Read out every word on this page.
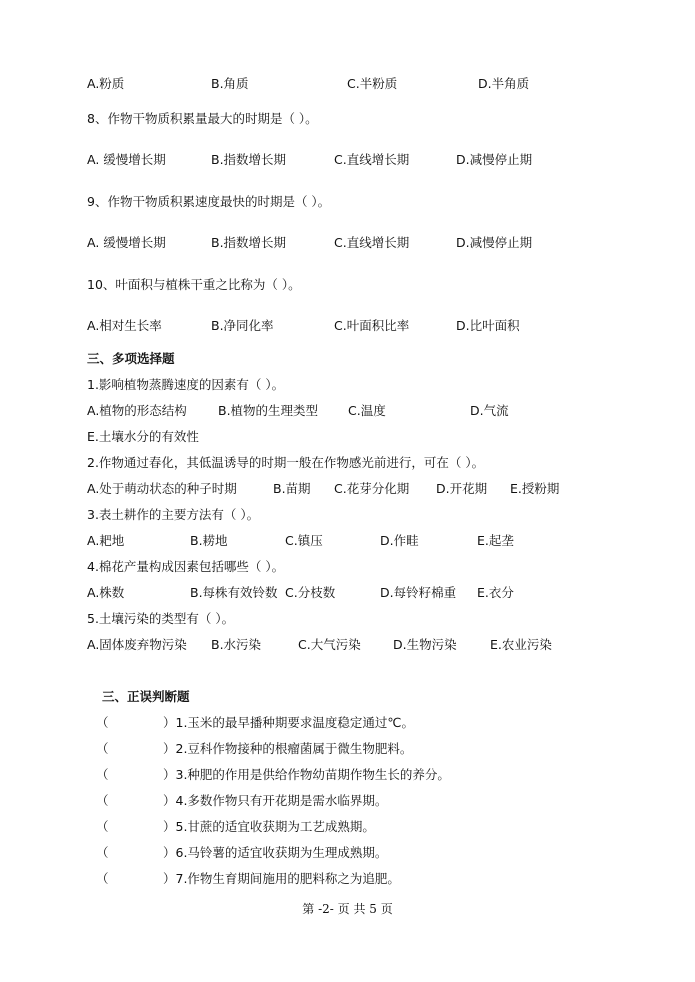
A.粉质	B.角质	C.半粉质	D.半角质
8、作物干物质积累量最大的时期是（ ）。
A. 缓慢增长期	B.指数增长期	C.直线增长期	D.减慢停止期
9、作物干物质积累速度最快的时期是（ ）。
A. 缓慢增长期	B.指数增长期	C.直线增长期	D.减慢停止期
10、叶面积与植株干重之比称为（ ）。
A.相对生长率	B.净同化率	C.叶面积比率	D.比叶面积
三、多项选择题
1.影响植物蒸腾速度的因素有（ ）。
A.植物的形态结构 B.植物的生理类型 C.温度	D.气流
E.土壤水分的有效性
2.作物通过春化，其低温诱导的时期一般在作物感光前进行，可在（ ）。
A.处于萌动状态的种子时期	B.苗期 C.花芽分化期 D.开花期 E.授粉期
3.表土耕作的主要方法有（ ）。
A.耙地	B.耢地	C.镇压	D.作畦	E.起垄
4.棉花产量构成因素包括哪些（ ）。
A.株数	B.每株有效铃数 C.分枝数	D.每铃籽棉重 E.衣分
5.土壤污染的类型有（ ）。
A.固体废弃物污染 B.水污染	C.大气污染	D.生物污染	E.农业污染
三、正误判断题
（	）1.玉米的最早播种期要求温度稳定通过℃。
（	）2.豆科作物接种的根瘤菌属于微生物肥料。
（	）3.种肥的作用是供给作物幼苗期作物生长的养分。
（	）4.多数作物只有开花期是需水临界期。
（	）5.甘蔗的适宜收获期为工艺成熟期。
（	）6.马铃薯的适宜收获期为生理成熟期。
（	）7.作物生育期间施用的肥料称之为追肥。
第 -2- 页 共 5 页
